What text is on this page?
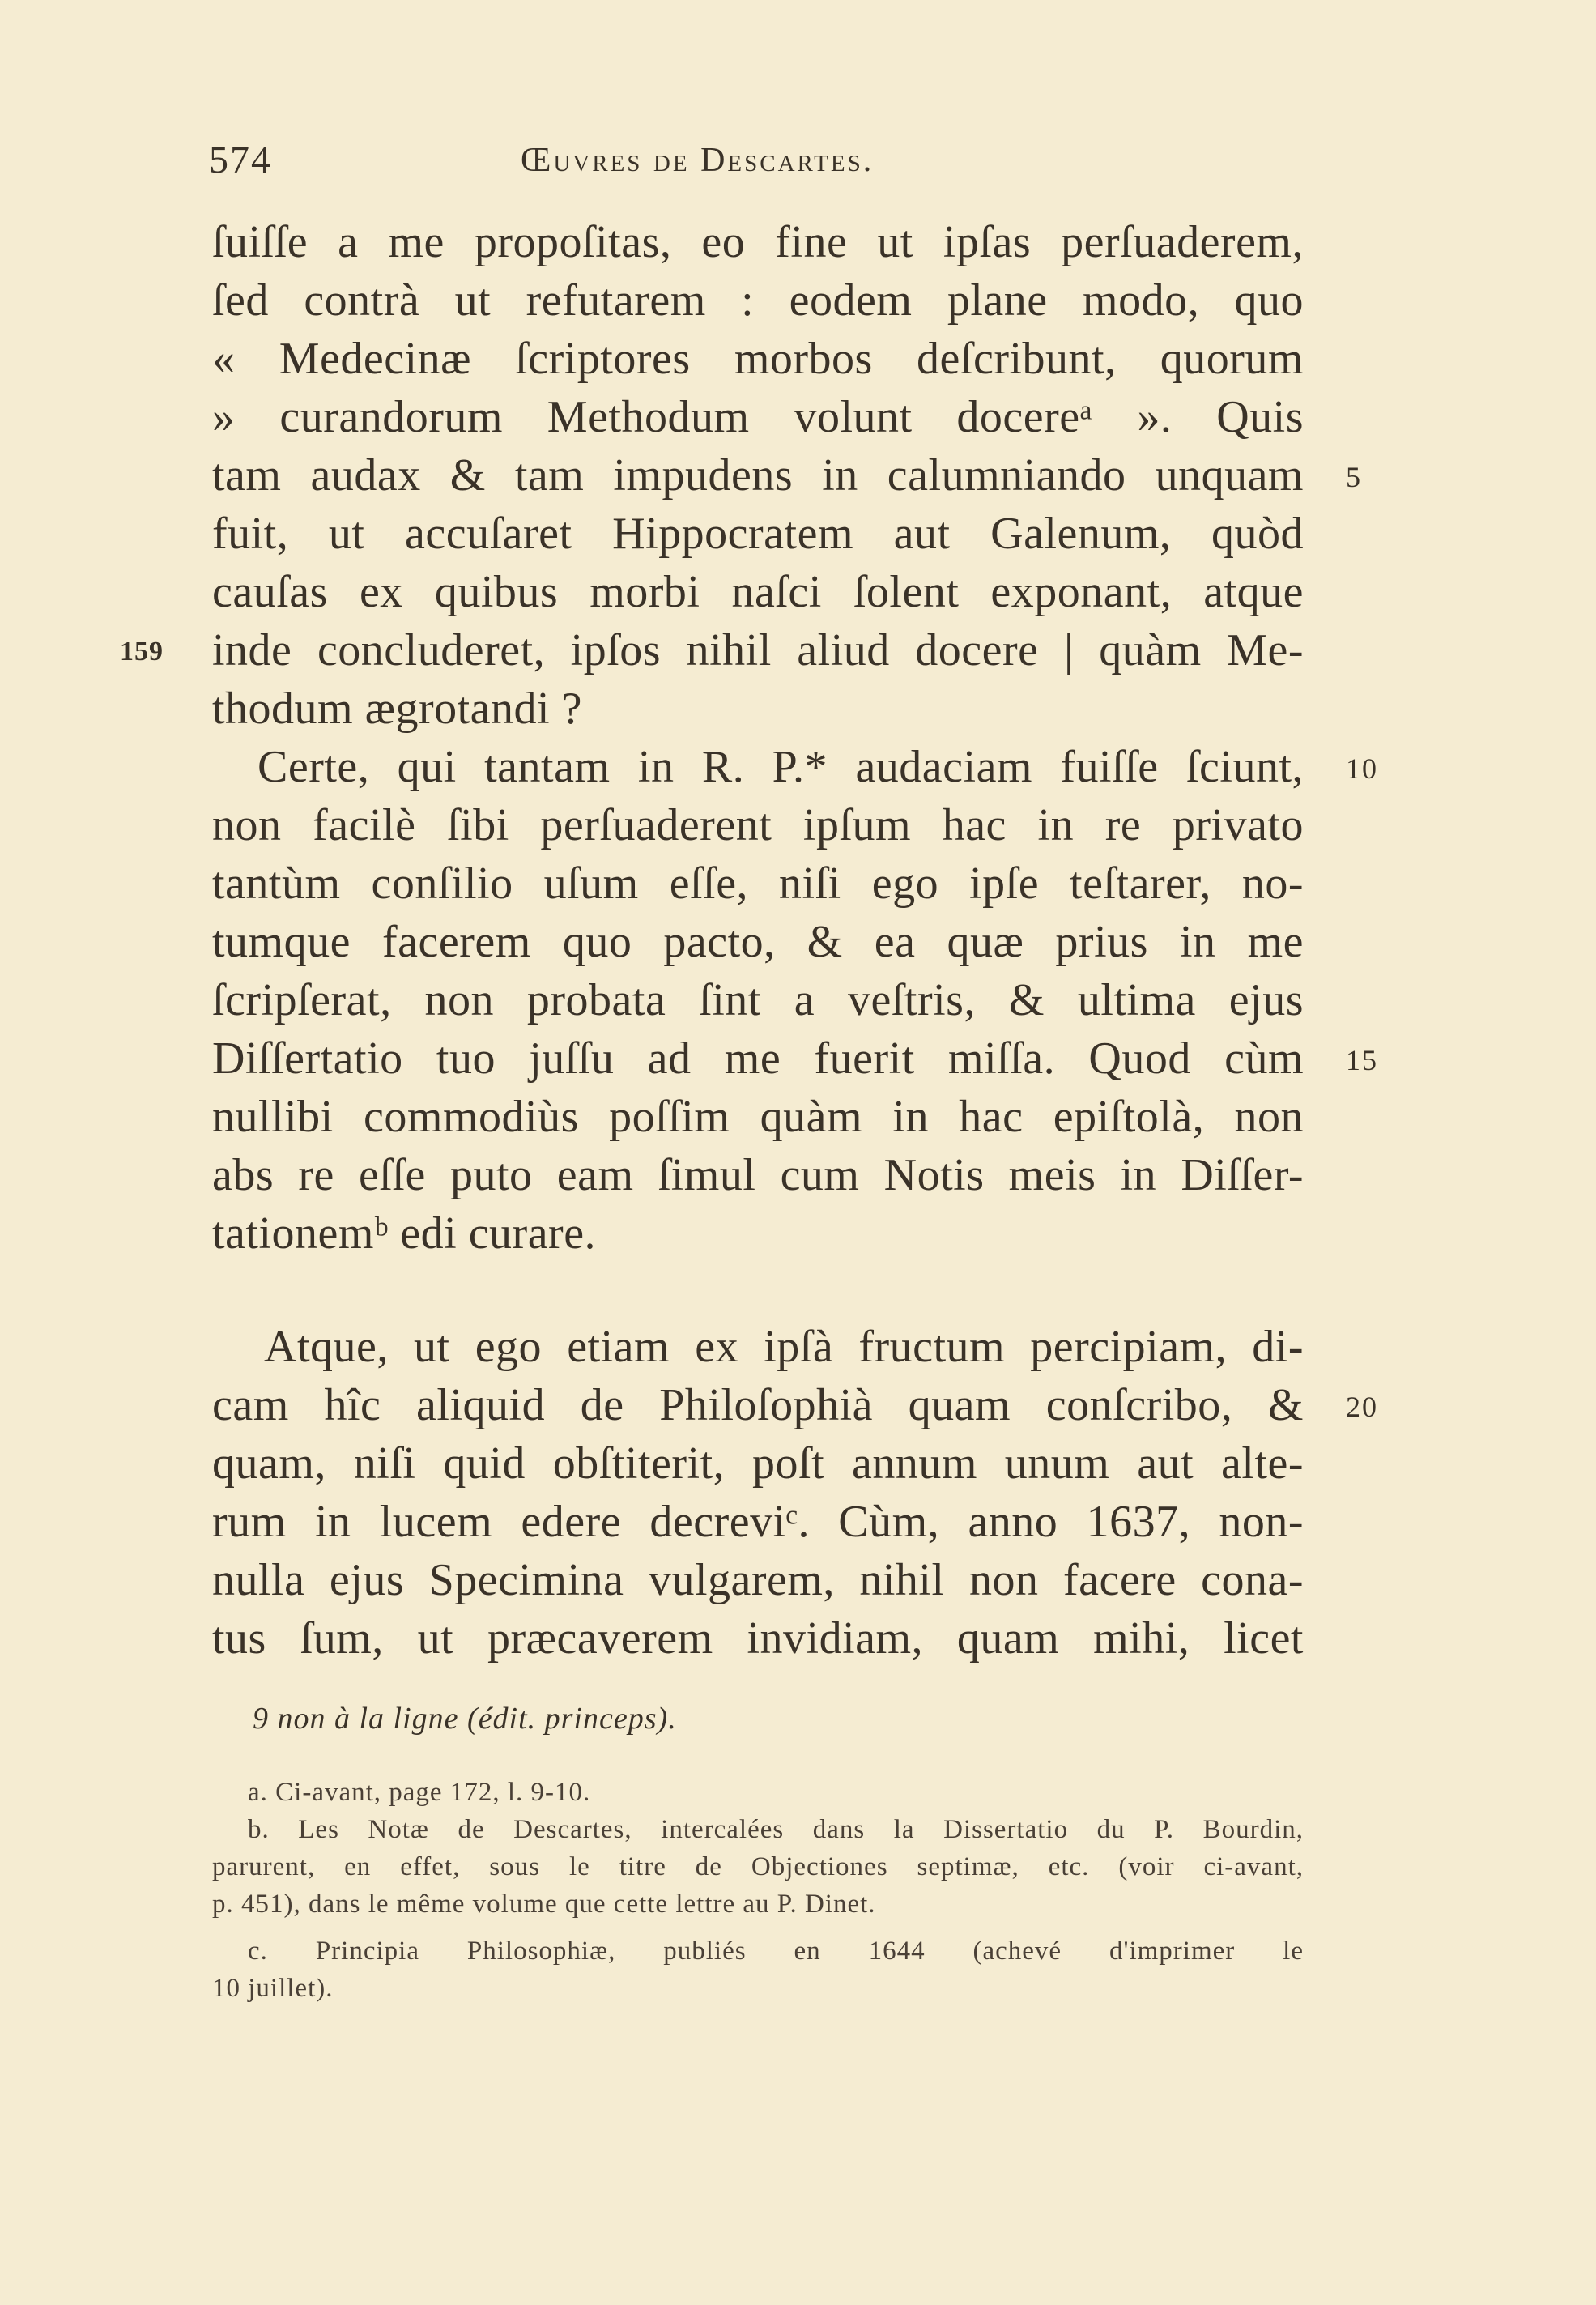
574	Œuvres de Descartes.
ſuiſſe a me propoſitas, eo fine ut ipſas perſuaderem,
ſed contrà ut refutarem : eodem plane modo, quo
« Medecinæ ſcriptores morbos deſcribunt, quorum
» curandorum Methodum volunt docereᵃ ». Quis
tam audax & tam impudens in calumniando unquam
fuit, ut accuſaret Hippocratem aut Galenum, quòd
cauſas ex quibus morbi naſci ſolent exponant, atque
inde concluderet, ipſos nihil aliud docere | quàm Me-
thodum ægrotandi ?
Certe, qui tantam in R. P.* audaciam fuiſſe ſciunt,
non facilè ſibi perſuaderent ipſum hac in re privato
tantùm conſilio uſum eſſe, niſi ego ipſe teſtarer, no-
tumque facerem quo pacto, & ea quæ prius in me
ſcripſerat, non probata ſint a veſtris, & ultima ejus
Diſſertatio tuo juſſu ad me fuerit miſſa. Quod cùm
nullibi commodiùs poſſim quàm in hac epiſtolà, non
abs re eſſe puto eam ſimul cum Notis meis in Diſſer-
tationemᵇ edi curare.
Atque, ut ego etiam ex ipſà fructum percipiam, di-
cam hîc aliquid de Philoſophià quam conſcribo, &
quam, niſi quid obſtiterit, poſt annum unum aut alte-
rum in lucem edere decreviᶜ. Cùm, anno 1637, non-
nulla ejus Specimina vulgarem, nihil non facere cona-
tus ſum, ut præcaverem invidiam, quam mihi, licet
5
10
15
20
159
9 non à la ligne (édit. princeps).
a. Ci-avant, page 172, l. 9-10.
b. Les Notæ de Descartes, intercalées dans la Dissertatio du P. Bourdin,
parurent, en effet, sous le titre de Objectiones septimæ, etc. (voir ci-avant,
p. 451), dans le même volume que cette lettre au P. Dinet.
c. Principia Philosophiæ, publiés en 1644 (achevé d'imprimer le
10 juillet).
